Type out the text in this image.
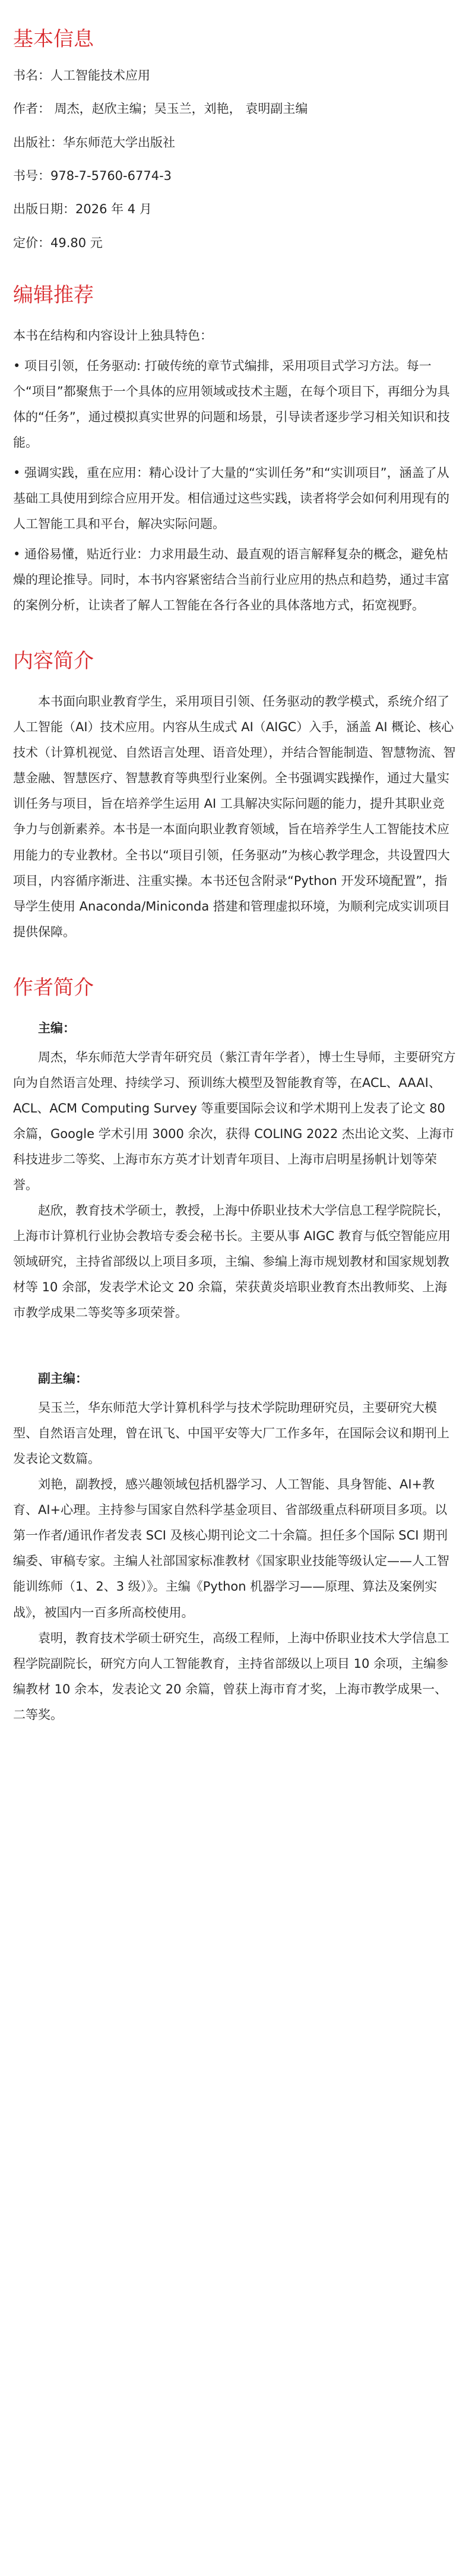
基本信息

书名：人工智能技术应用

作者： 周杰，赵欣主编；吴玉兰，刘艳， 袁明副主编

出版社：华东师范大学出版社

书号：978-7-5760-6774-3

出版日期：2026 年 4 月

定价：49.80 元

编辑推荐

本书在结构和内容设计上独具特色：

• 项目引领，任务驱动: 打破传统的章节式编排，采用项目式学习方法。每一个“项目”都聚焦于一个具体的应用领域或技术主题，在每个项目下，再细分为具体的“任务”，通过模拟真实世界的问题和场景，引导读者逐步学习相关知识和技能。

• 强调实践，重在应用：精心设计了大量的“实训任务”和“实训项目”，涵盖了从基础工具使用到综合应用开发。相信通过这些实践，读者将学会如何利用现有的人工智能工具和平台，解决实际问题。

• 通俗易懂，贴近行业：力求用最生动、最直观的语言解释复杂的概念，避免枯燥的理论推导。同时，本书内容紧密结合当前行业应用的热点和趋势，通过丰富的案例分析，让读者了解人工智能在各行各业的具体落地方式，拓宽视野。

内容简介

本书面向职业教育学生，采用项目引领、任务驱动的教学模式，系统介绍了人工智能（AI）技术应用。内容从生成式 AI（AIGC）入手，涵盖 AI 概论、核心技术（计算机视觉、自然语言处理、语音处理），并结合智能制造、智慧物流、智慧金融、智慧医疗、智慧教育等典型行业案例。全书强调实践操作，通过大量实训任务与项目，旨在培养学生运用 AI 工具解决实际问题的能力，提升其职业竞争力与创新素养。本书是一本面向职业教育领域，旨在培养学生人工智能技术应用能力的专业教材。全书以“项目引领，任务驱动”为核心教学理念，共设置四大项目，内容循序渐进、注重实操。本书还包含附录“Python 开发环境配置”，指导学生使用 Anaconda/Miniconda 搭建和管理虚拟环境，为顺利完成实训项目提供保障。

作者简介

主编：

周杰，华东师范大学青年研究员（紫江青年学者），博士生导师，主要研究方向为自然语言处理、持续学习、预训练大模型及智能教育等，在ACL、AAAI、ACL、ACM Computing Survey 等重要国际会议和学术期刊上发表了论文 80 余篇，Google 学术引用 3000 余次，获得 COLING 2022 杰出论文奖、上海市科技进步二等奖、上海市东方英才计划青年项目、上海市启明星扬帆计划等荣誉。

赵欣，教育技术学硕士，教授，上海中侨职业技术大学信息工程学院院长，上海市计算机行业协会教培专委会秘书长。主要从事 AIGC 教育与低空智能应用领域研究，主持省部级以上项目多项，主编、参编上海市规划教材和国家规划教材等 10 余部，发表学术论文 20 余篇，荣获黄炎培职业教育杰出教师奖、上海市教学成果二等奖等多项荣誉。

副主编：

吴玉兰，华东师范大学计算机科学与技术学院助理研究员，主要研究大模型、自然语言处理，曾在讯飞、中国平安等大厂工作多年，在国际会议和期刊上发表论文数篇。

刘艳，副教授，感兴趣领域包括机器学习、人工智能、具身智能、AI+教育、AI+心理。主持参与国家自然科学基金项目、省部级重点科研项目多项。以第一作者/通讯作者发表 SCI 及核心期刊论文二十余篇。担任多个国际 SCI 期刊编委、审稿专家。主编人社部国家标准教材《国家职业技能等级认定——人工智能训练师（1、2、3 级）》。主编《Python 机器学习——原理、算法及案例实战》，被国内一百多所高校使用。

袁明，教育技术学硕士研究生，高级工程师，上海中侨职业技术大学信息工程学院副院长，研究方向人工智能教育，主持省部级以上项目 10 余项，主编参编教材 10 余本，发表论文 20 余篇，曾获上海市育才奖，上海市教学成果一、二等奖。
